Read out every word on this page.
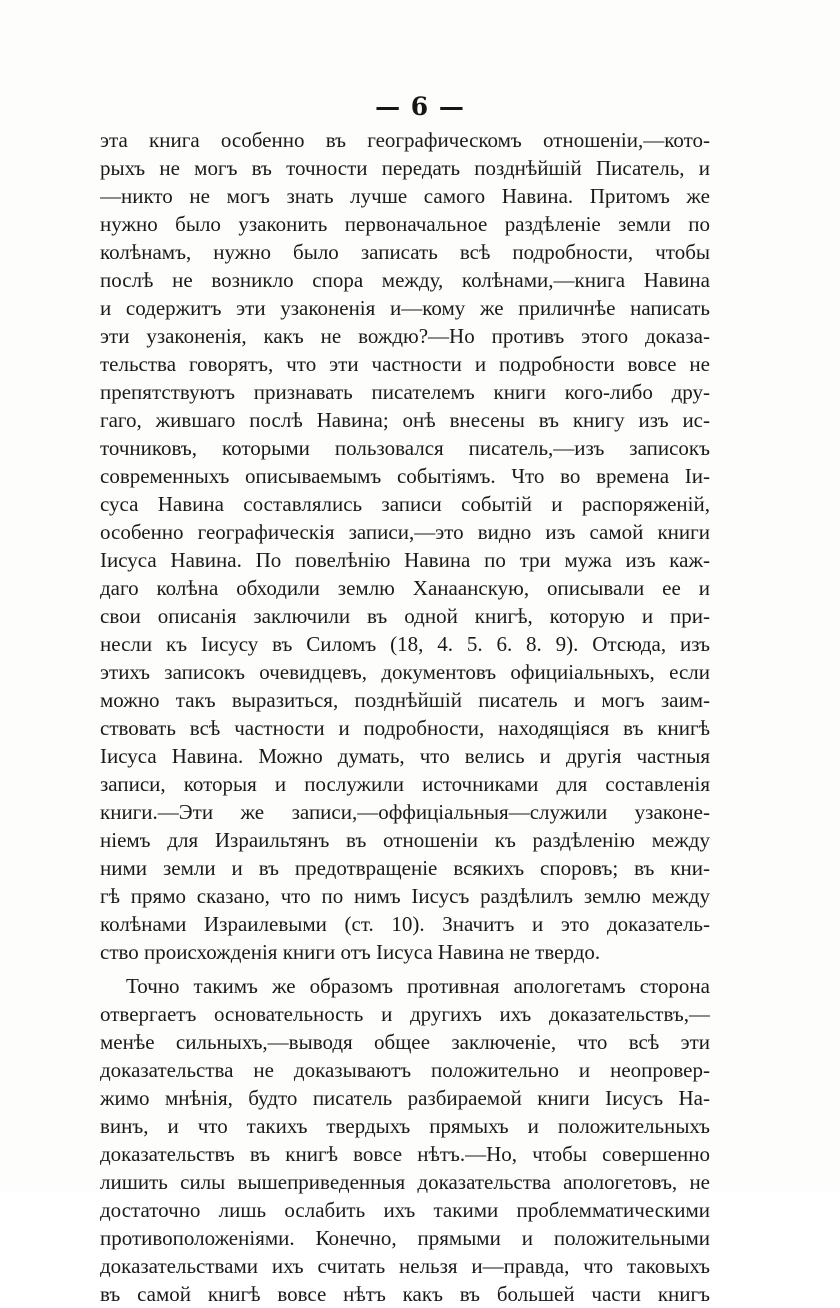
— 6 —
эта книга особенно въ географическомъ отношеніи,—кото-
рыхъ не могъ въ точности передать позднѣйшій Писатель, и
—никто не могъ знать лучше самого Навина. Притомъ же
нужно было узаконить первоначальное раздѣленіе земли по
колѣнамъ, нужно было записать всѣ подробности, чтобы
послѣ не возникло спора между, колѣнами,—книга Навина
и содержитъ эти узаконенія и—кому же приличнѣе написать
эти узаконенія, какъ не вождю?—Но противъ этого доказа-
тельства говорятъ, что эти частности и подробности вовсе не
препятствуютъ признавать писателемъ книги кого-либо дру-
гаго, жившаго послѣ Навина; онѣ внесены въ книгу изъ ис-
точниковъ, которыми пользовался писатель,—изъ записокъ
современныхъ описываемымъ событіямъ. Что во времена Іи-
суса Навина составлялись записи событій и распоряженій,
особенно географическія записи,—это видно изъ самой книги
Іисуса Навина. По повелѣнію Навина по три мужа изъ каж-
даго колѣна обходили землю Ханаанскую, описывали ее и
свои описанія заключили въ одной книгѣ, которую и при-
несли къ Іисусу въ Силомъ (18, 4. 5. 6. 8. 9). Отсюда, изъ
этихъ записокъ очевидцевъ, документовъ официіальныхъ, если
можно такъ выразиться, позднѣйшій писатель и могъ заим-
ствовать всѣ частности и подробности, находящіяся въ книгѣ
Іисуса Навина. Можно думать, что велись и другія частныя
записи, которыя и послужили источниками для составленія
книги.—Эти же записи,—оффиціальныя—служили узаконе-
ніемъ для Израильтянъ въ отношеніи къ раздѣленію между
ними земли и въ предотвращеніе всякихъ споровъ; въ кни-
гѣ прямо сказано, что по нимъ Іисусъ раздѣлилъ землю между
колѣнами Израилевыми (ст. 10). Значитъ и это доказатель-
ство происхожденія книги отъ Іисуса Навина не твердо.
Точно такимъ же образомъ противная апологетамъ сторона
отвергаетъ основательность и другихъ ихъ доказательствъ,—
менѣе сильныхъ,—выводя общее заключеніе, что всѣ эти
доказательства не доказываютъ положительно и неопровер-
жимо мнѣнія, будто писатель разбираемой книги Іисусъ На-
винъ, и что такихъ твердыхъ прямыхъ и положительныхъ
доказательствъ въ книгѣ вовсе нѣтъ.—Но, чтобы совершенно
лишить силы вышеприведенныя доказательства апологетовъ, не
достаточно лишь ослабить ихъ такими проблемматическими
противоположеніями. Конечно, прямыми и положительными
доказательствами ихъ считать нельзя и—правда, что таковыхъ
въ самой книгѣ вовсе нѣтъ какъ въ большей части книгъ
